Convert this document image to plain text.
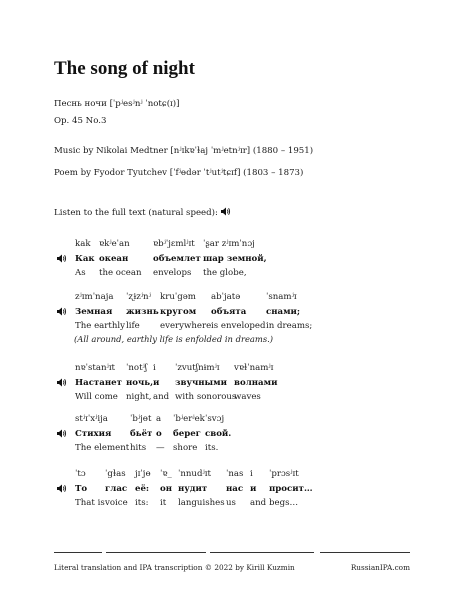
The song of night
Песнь ночи [ˈpʲesʲnʲ ˈnotɕ(ɪ)]
Op. 45 No.3
Music by Nikolai Medtner [nʲɪkɐˈɫaj ˈmʲetnʲɪr] (1880 – 1951)
Poem by Fyodor Tyutchev [ˈfʲɵdər ˈtʲutʲtɕɪf] (1803 – 1873)
Listen to the full text (natural speed):
kak
Как
As
ɐkʲeˈan
океан
the ocean
ɐbʲˈjɛmlʲɪt
объемлет
envelops
ˈʂar zʲɪmˈnɔj
шар земной,
the globe,
zʲɪmˈnaja
Земная
The earthly
ˈʐɨzʲnʲ
жизнь
life
kruˈgəm
кругом
everywhere
abˈjatə
объята
is enveloped
ˈsnamʲɪ
снами;
in dreams;
(All around, earthly life is enfolded in dreams.)
nɐˈstanʲɪt
Настанет
Will come
ˈnotʲʃ
ночь,
night,
i
и
and
ˈzvutʃnɨmʲɪ
звучными
with sonorous
vɐɫˈnamʲɪ
волнами
waves
stʲɪˈxʲija
Стихия
The element
ˈbʲjɵt
бьёт
hits
a
о
—
ˈbʲerʲek
берег
shore
ˈsvɔj
свой.
its.
ˈtɔ
То
That is
ˈgɫas
глас
voice
jɪˈjɵ
её:
its:
ˈɐ_
он
it
ˈnnudʲɪt
нудит
languishes
ˈnas
нас
us
i
и
and
ˈprɔsʲɪt
просит…
begs…
Literal translation and IPA transcription © 2022 by Kirill Kuzmin	RussianIPA.com
